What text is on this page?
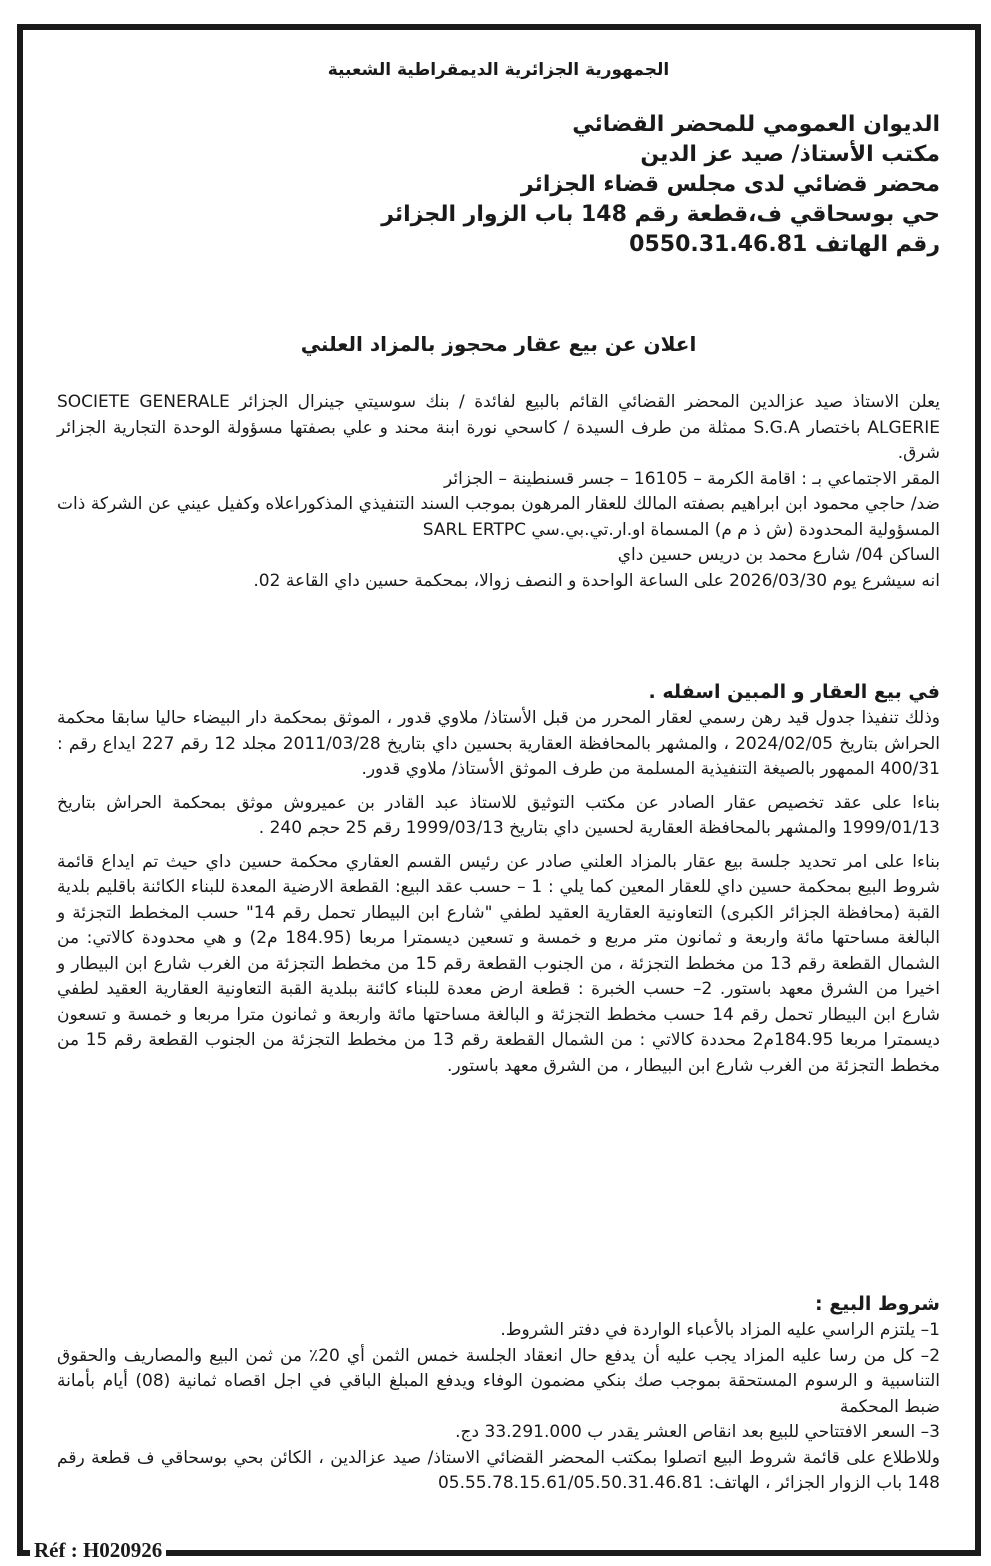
الجمهورية الجزائرية الديمقراطية الشعبية
الديوان العمومي للمحضر القضائي
مكتب الأستاذ/ صيد عز الدين
محضر قضائي لدى مجلس قضاء الجزائر
حي بوسحاقي ف،قطعة رقم 148 باب الزوار الجزائر
رقم الهاتف 0550.31.46.81
اعلان عن بيع عقار محجوز بالمزاد العلني

يعلن الاستاذ صيد عزالدين المحضر القضائي القائم بالبيع لفائدة / بنك سوسيتي جينرال الجزائر SOCIETE GENERALE ALGERIE باختصار S.G.A ممثلة من طرف السيدة / كاسحي نورة ابنة محند و علي بصفتها مسؤولة الوحدة التجارية الجزائر شرق.

المقر الاجتماعي بـ : اقامة الكرمة – 16105 – جسر قسنطينة – الجزائر

ضد/ حاجي محمود ابن ابراهيم بصفته المالك للعقار المرهون بموجب السند التنفيذي المذكوراعلاه وكفيل عيني عن الشركة ذات المسؤولية المحدودة (ش ذ م م) المسماة او.ار.تي.بي.سي SARL ERTPC

الساكن 04/ شارع محمد بن دريس حسين داي

انه سيشرع يوم 2026/03/30 على الساعة الواحدة و النصف زوالا، بمحكمة حسين داي القاعة 02.

في بيع العقار و المبين اسفله .

وذلك تنفيذا جدول قيد رهن رسمي لعقار المحرر من قبل الأستاذ/ ملاوي قدور ، الموثق بمحكمة دار البيضاء حاليا سابقا محكمة الحراش بتاريخ 2024/02/05 ، والمشهر بالمحافظة العقارية بحسين داي بتاريخ 2011/03/28 مجلد 12 رقم 227 ايداع رقم : 400/31 الممهور بالصيغة التنفيذية المسلمة من طرف الموثق الأستاذ/ ملاوي قدور.

بناءا على عقد تخصيص عقار الصادر عن مكتب التوثيق للاستاذ عبد القادر بن عميروش موثق بمحكمة الحراش بتاريخ 1999/01/13 والمشهر بالمحافظة العقارية لحسين داي بتاريخ 1999/03/13 رقم 25 حجم 240 .

بناءا على امر تحديد جلسة بيع عقار بالمزاد العلني صادر عن رئيس القسم العقاري محكمة حسين داي حيث تم ايداع قائمة شروط البيع بمحكمة حسين داي للعقار المعين كما يلي : 1 – حسب عقد البيع: القطعة الارضية المعدة للبناء الكائنة باقليم بلدية القبة (محافظة الجزائر الكبرى) التعاونية العقارية العقيد لطفي "شارع ابن البيطار تحمل رقم 14" حسب المخطط التجزئة و البالغة مساحتها مائة واربعة و ثمانون متر مربع و خمسة و تسعين ديسمترا مربعا (184.95 م2) و هي محدودة كالاتي: من الشمال القطعة رقم 13 من مخطط التجزئة ، من الجنوب القطعة رقم 15 من مخطط التجزئة من الغرب شارع ابن البيطار و اخيرا من الشرق معهد باستور. 2– حسب الخبرة : قطعة ارض معدة للبناء كائنة ببلدية القبة التعاونية العقارية العقيد لطفي شارع ابن البيطار تحمل رقم 14 حسب مخطط التجزئة و البالغة مساحتها مائة واربعة و ثمانون مترا مربعا و خمسة و تسعون ديسمترا مربعا 184.95م2 محددة كالاتي : من الشمال القطعة رقم 13 من مخطط التجزئة من الجنوب القطعة رقم 15 من مخطط التجزئة من الغرب شارع ابن البيطار ، من الشرق معهد باستور.

شروط البيع :

1– يلتزم الراسي عليه المزاد بالأعباء الواردة في دفتر الشروط.

2– كل من رسا عليه المزاد يجب عليه أن يدفع حال انعقاد الجلسة خمس الثمن أي 20٪ من ثمن البيع والمصاريف والحقوق التناسبية و الرسوم المستحقة بموجب صك بنكي مضمون الوفاء ويدفع المبلغ الباقي في اجل اقصاه ثمانية (08) أيام بأمانة ضبط المحكمة

3– السعر الافتتاحي للبيع بعد انقاص العشر يقدر ب 33.291.000 دج.

وللاطلاع على قائمة شروط البيع اتصلوا بمكتب المحضر القضائي الاستاذ/ صيد عزالدين ، الكائن بحي بوسحاقي ف قطعة رقم 148 باب الزوار الجزائر ، الهاتف: 05.55.78.15.61/05.50.31.46.81

Réf : H020926
